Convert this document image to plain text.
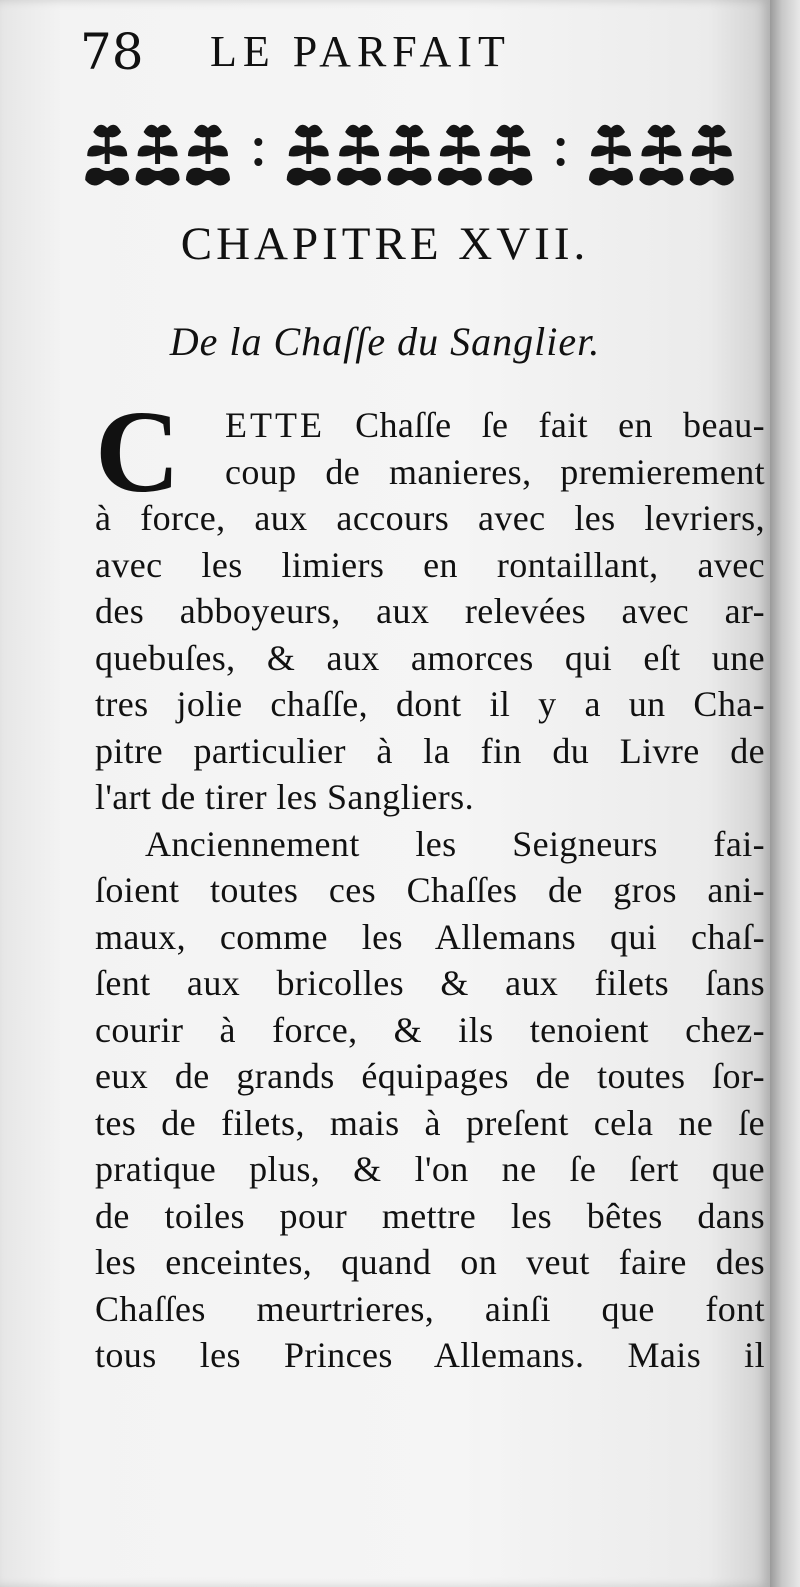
78 LE PARFAIT
CHAPITRE XVII.
De la Chaſſe du Sanglier.
C	ETTE Chaſſe ſe fait en beau-
coup de manieres, premierement
à force, aux accours avec les levriers,
avec les limiers en rontaillant, avec
des abboyeurs, aux relevées avec ar-
quebuſes, & aux amorces qui eſt une
tres jolie chaſſe, dont il y a un Cha-
pitre particulier à la fin du Livre de
l'art de tirer les Sangliers.
Anciennement les Seigneurs fai-
ſoient toutes ces Chaſſes de gros ani-
maux, comme les Allemans qui chaſ-
ſent aux bricolles & aux filets ſans
courir à force, & ils tenoient chez-
eux de grands équipages de toutes ſor-
tes de filets, mais à preſent cela ne ſe
pratique plus, & l'on ne ſe ſert que
de toiles pour mettre les bêtes dans
les enceintes, quand on veut faire des
Chaſſes meurtrieres, ainſi que font
tous les Princes Allemans. Mais il
